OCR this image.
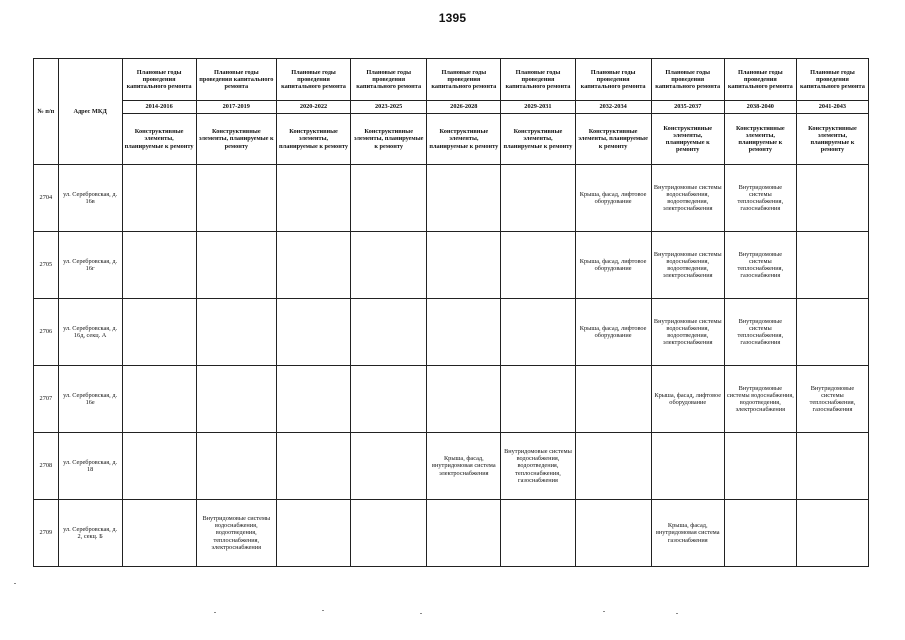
1395
№ п/п	Адрес МКД	Плановые годы проведения капитального ремонта	Плановые годы проведения капитального ремонта	Плановые годы проведения капитального ремонта	Плановые годы проведения капитального ремонта	Плановые годы проведения капитального ремонта	Плановые годы проведения капитального ремонта	Плановые годы проведения капитального ремонта	Плановые годы проведения капитального ремонта	Плановые годы проведения капитального ремонта	Плановые годы проведения капитального ремонта
		2014-2016	2017-2019	2020-2022	2023-2025	2026-2028	2029-2031	2032-2034	2035-2037	2038-2040	2041-2043
		Конструктивные элементы, планируемые к ремонту	Конструктивные элементы, планируемые к ремонту	Конструктивные элементы, планируемые к ремонту	Конструктивные элементы, планируемые к ремонту	Конструктивные элементы, планируемые к ремонту	Конструктивные элементы, планируемые к ремонту	Конструктивные элементы, планируемые к ремонту	Конструктивные элементы, планируемые к ремонту	Конструктивные элементы, планируемые к ремонту	Конструктивные элементы, планируемые к ремонту
2704	ул. Серебровская, д. 16в							Крыша, фасад, лифтовое оборудование	Внутридомовые системы водоснабжения, водоотведения, электроснабжения	Внутридомовые системы теплоснабжения, газоснабжения	
2705	ул. Серебровская, д. 16г							Крыша, фасад, лифтовое оборудование	Внутридомовые системы водоснабжения, водоотведения, электроснабжения	Внутридомовые системы теплоснабжения, газоснабжения	
2706	ул. Серебровская, д. 16д, секц. А							Крыша, фасад, лифтовое оборудование	Внутридомовые системы водоснабжения, водоотведения, электроснабжения	Внутридомовые системы теплоснабжения, газоснабжения	
2707	ул. Серебровская, д. 16е								Крыша, фасад, лифтовое оборудование	Внутридомовые системы водоснабжения, водоотведения, электроснабжения	Внутридомовые системы теплоснабжения, газоснабжения
2708	ул. Серебровская, д. 18					Крыша, фасад, внутридомовая система электроснабжения	Внутридомовые системы водоснабжения, водоотведения, теплоснабжения, газоснабжения				
2709	ул. Серебровская, д. 2, секц. Б		Внутридомовые системы водоснабжения, водоотведения, теплоснабжения, электроснабжения						Крыша, фасад, внутридомовая система газоснабжения		
